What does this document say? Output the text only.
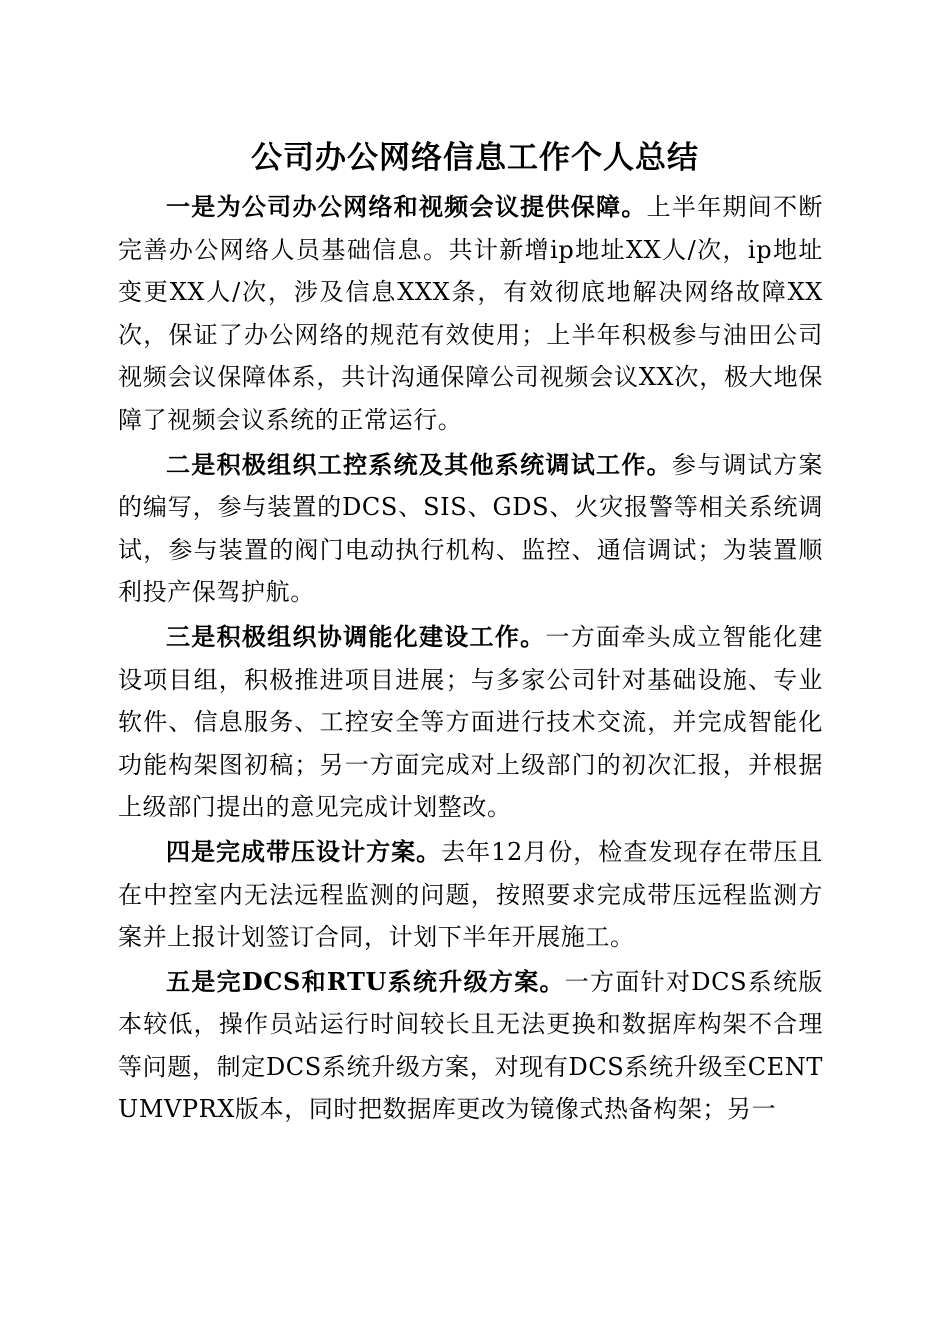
公司办公网络信息工作个人总结

一是为公司办公网络和视频会议提供保障。上半年期间不断完善办公网络人员基础信息。共计新增ip地址XX人/次，ip地址变更XX人/次，涉及信息XXX条，有效彻底地解决网络故障XX次，保证了办公网络的规范有效使用；上半年积极参与油田公司视频会议保障体系，共计沟通保障公司视频会议XX次，极大地保障了视频会议系统的正常运行。

二是积极组织工控系统及其他系统调试工作。参与调试方案的编写，参与装置的DCS、SIS、GDS、火灾报警等相关系统调试，参与装置的阀门电动执行机构、监控、通信调试；为装置顺利投产保驾护航。

三是积极组织协调能化建设工作。一方面牵头成立智能化建设项目组，积极推进项目进展；与多家公司针对基础设施、专业软件、信息服务、工控安全等方面进行技术交流，并完成智能化功能构架图初稿；另一方面完成对上级部门的初次汇报，并根据上级部门提出的意见完成计划整改。

四是完成带压设计方案。去年12月份，检查发现存在带压且在中控室内无法远程监测的问题，按照要求完成带压远程监测方案并上报计划签订合同，计划下半年开展施工。

五是完DCS和RTU系统升级方案。一方面针对DCS系统版本较低，操作员站运行时间较长且无法更换和数据库构架不合理等问题，制定DCS系统升级方案，对现有DCS系统升级至CENTUMVPRX版本，同时把数据库更改为镜像式热备构架；另一
